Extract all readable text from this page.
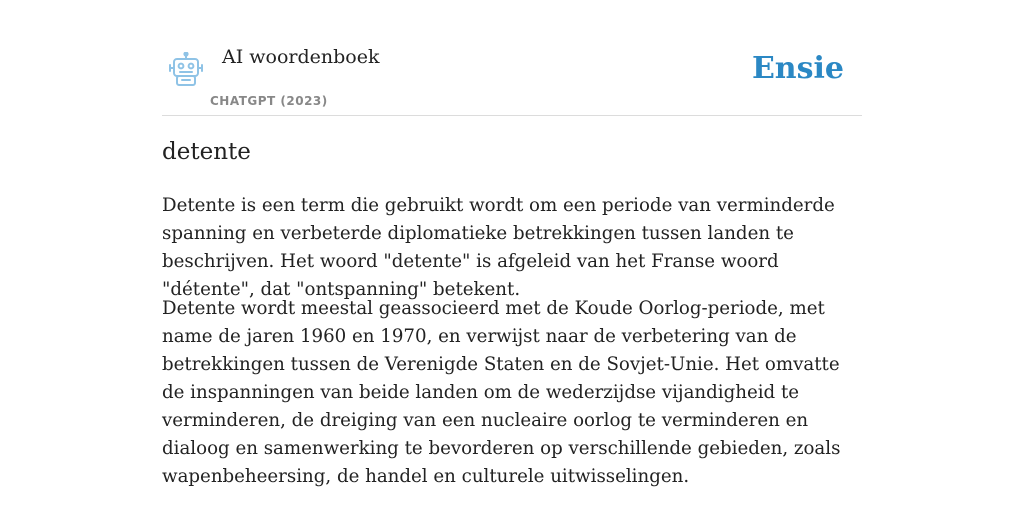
AI woordenboek
CHATGPT (2023)
Ensie
detente

Detente is een term die gebruikt wordt om een periode van verminderde spanning en verbeterde diplomatieke betrekkingen tussen landen te beschrijven. Het woord "detente" is afgeleid van het Franse woord "détente", dat "ontspanning" betekent.

Detente wordt meestal geassocieerd met de Koude Oorlog-periode, met name de jaren 1960 en 1970, en verwijst naar de verbetering van de betrekkingen tussen de Verenigde Staten en de Sovjet-Unie. Het omvatte de inspanningen van beide landen om de wederzijdse vijandigheid te verminderen, de dreiging van een nucleaire oorlog te verminderen en dialoog en samenwerking te bevorderen op verschillende gebieden, zoals wapenbeheersing, de handel en culturele uitwisselingen.
